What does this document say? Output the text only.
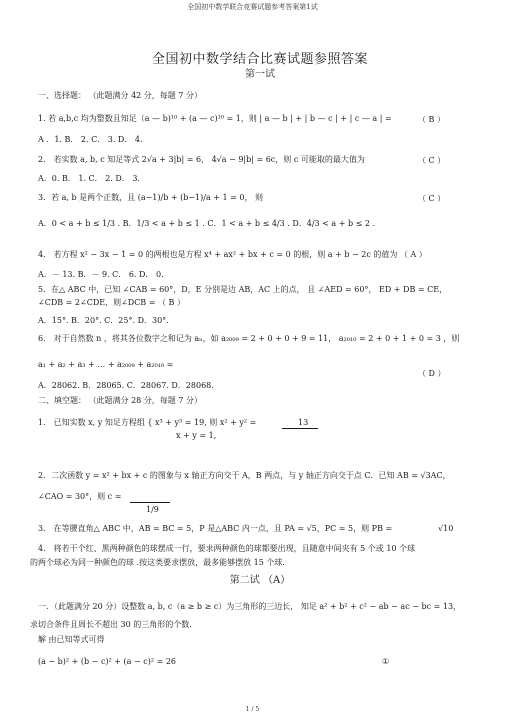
全国初中数学联合竞赛试题参考答案第1试
全国初中数学结合比赛试题参照答案
第一试
一、选择题： （此题满分 42 分，每题 7 分）
1. 若 a,b,c 均为整数且知足（a — b)¹⁰ + (a — c)¹⁰ = 1，则 | a — b | + | b — c | + | c — a | =	（ B ）
A ．1. B． 2. C． 3. D． 4.
2． 若实数 a, b, c 知足等式 2√a + 3|b| = 6， 4√a − 9|b| = 6c，则 c 可能取的最大值为	（ C ）
A．0. B． 1. C． 2. D． 3.
3．若 a, b 是两个正数，且 (a−1)/b + (b−1)/a + 1 = 0， 则	（ C ）
A．0 < a + b ≤ 1/3 . B．1/3 < a + b ≤ 1 . C．1 < a + b ≤ 4/3 . D．4/3 < a + b ≤ 2 .
4． 若方程 x² − 3x − 1 = 0 的两根也是方程 x⁴ + ax² + bx + c = 0 的根，则 a + b − 2c 的值为 （ A ）
A．－ 13. B．－ 9. C． 6. D． 0.
5．在△ ABC 中，已知 ∠CAB = 60°，D，E 分别是边 AB，AC 上的点， 且 ∠AED = 60°， ED + DB = CE，
∠CDB = 2∠CDE，则∠DCB = （ B ）
A．15°. B．20°. C．25°. D．30°.
6． 对于自然数 n ，将其各位数字之和记为 aₙ，如 a₂₀₀₉ = 2 + 0 + 0 + 9 = 11， a₂₀₁₀ = 2 + 0 + 1 + 0 = 3 ，则
a₁ + a₂ + a₃ + … + a₂₀₀₉ + a₂₀₁₀ =
（ D ）
A．28062. B．28065. C．28067. D．28068.
二、填空题： （此题满分 28 分，每题 7 分）
1． 已知实数 x, y 知足方程组 { x³ + y³ = 19, 则 x² + y² =	13
x + y = 1,
2．二次函数 y = x² + bx + c 的图象与 x 轴正方向交于 A，B 两点，与 y 轴正方向交于点 C．已知 AB = √3AC，
∠CAO = 30°，则 c =
1/9
3． 在等腰直角△ ABC 中，AB = BC = 5，P 是△ABC 内一点，且 PA = √5，PC = 5，则 PB =	√10
4． 将若干个红、黑两种颜色的球摆成一行，要求两种颜色的球都要出现，且随意中间夹有 5 个或 10 个球
的两个球必为同一种颜色的球 .按这类要求摆放，最多能够摆放 15 个球．
第二试 （A）
一．（此题满分 20 分）设整数 a, b, c（a ≥ b ≥ c）为三角形的三边长， 知足 a² + b² + c² − ab − ac − bc = 13，
求切合条件且周长不超出 30 的三角形的个数．
解 由已知等式可得
(a − b)² + (b − c)² + (a − c)² = 26	①
1 / 5
